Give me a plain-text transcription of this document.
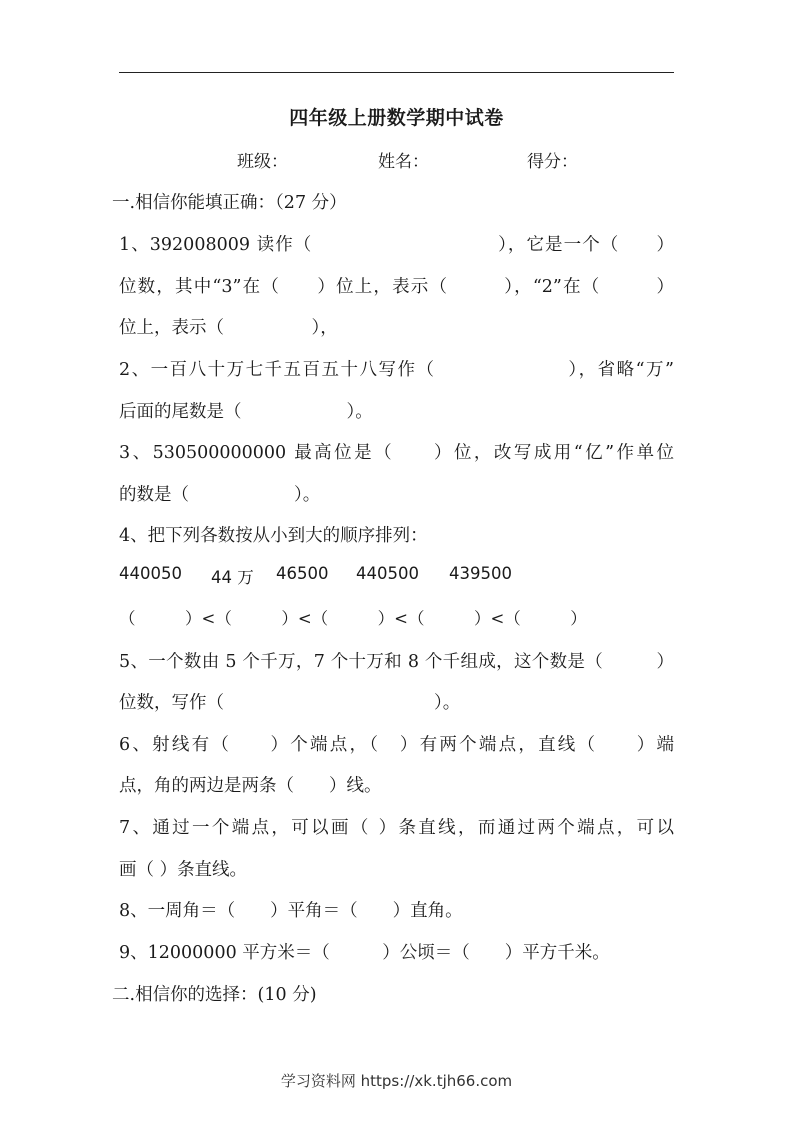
四年级上册数学期中试卷
班级：	姓名：	得分：
一.相信你能填正确：（27 分）
1、392008009 读作（　　　　　　　　　　），它是一个（　　）
位数，其中“3”在（　　）位上，表示（　　　），“2”在（　　　）
位上，表示（　　　　　），
2、一百八十万七千五百五十八写作（　　　　　　　），省略“万”
后面的尾数是（　　　　　　）。
3、530500000000 最高位是（　　）位，改写成用“亿”作单位
的数是（　　　　　　）。
4、把下列各数按从小到大的顺序排列：

440050

44 万

46500

440500

439500

（　　　）<（　　　）<（　　　）<（　　　）<（　　　）
5、一个数由 5 个千万，7 个十万和 8 个千组成，这个数是（　　　）
位数，写作（　　　　　　　　　　　　）。
6、射线有（　　）个端点，（　）有两个端点，直线（　　）端
点，角的两边是两条（　　）线。
7、通过一个端点，可以画（ ）条直线，而通过两个端点，可以
画（ ）条直线。
8、一周角＝（　　）平角＝（　　）直角。
9、12000000 平方米＝（　　　）公顷＝（　　）平方千米。
二.相信你的选择：(10 分)
学习资料网 https://xk.tjh66.com
